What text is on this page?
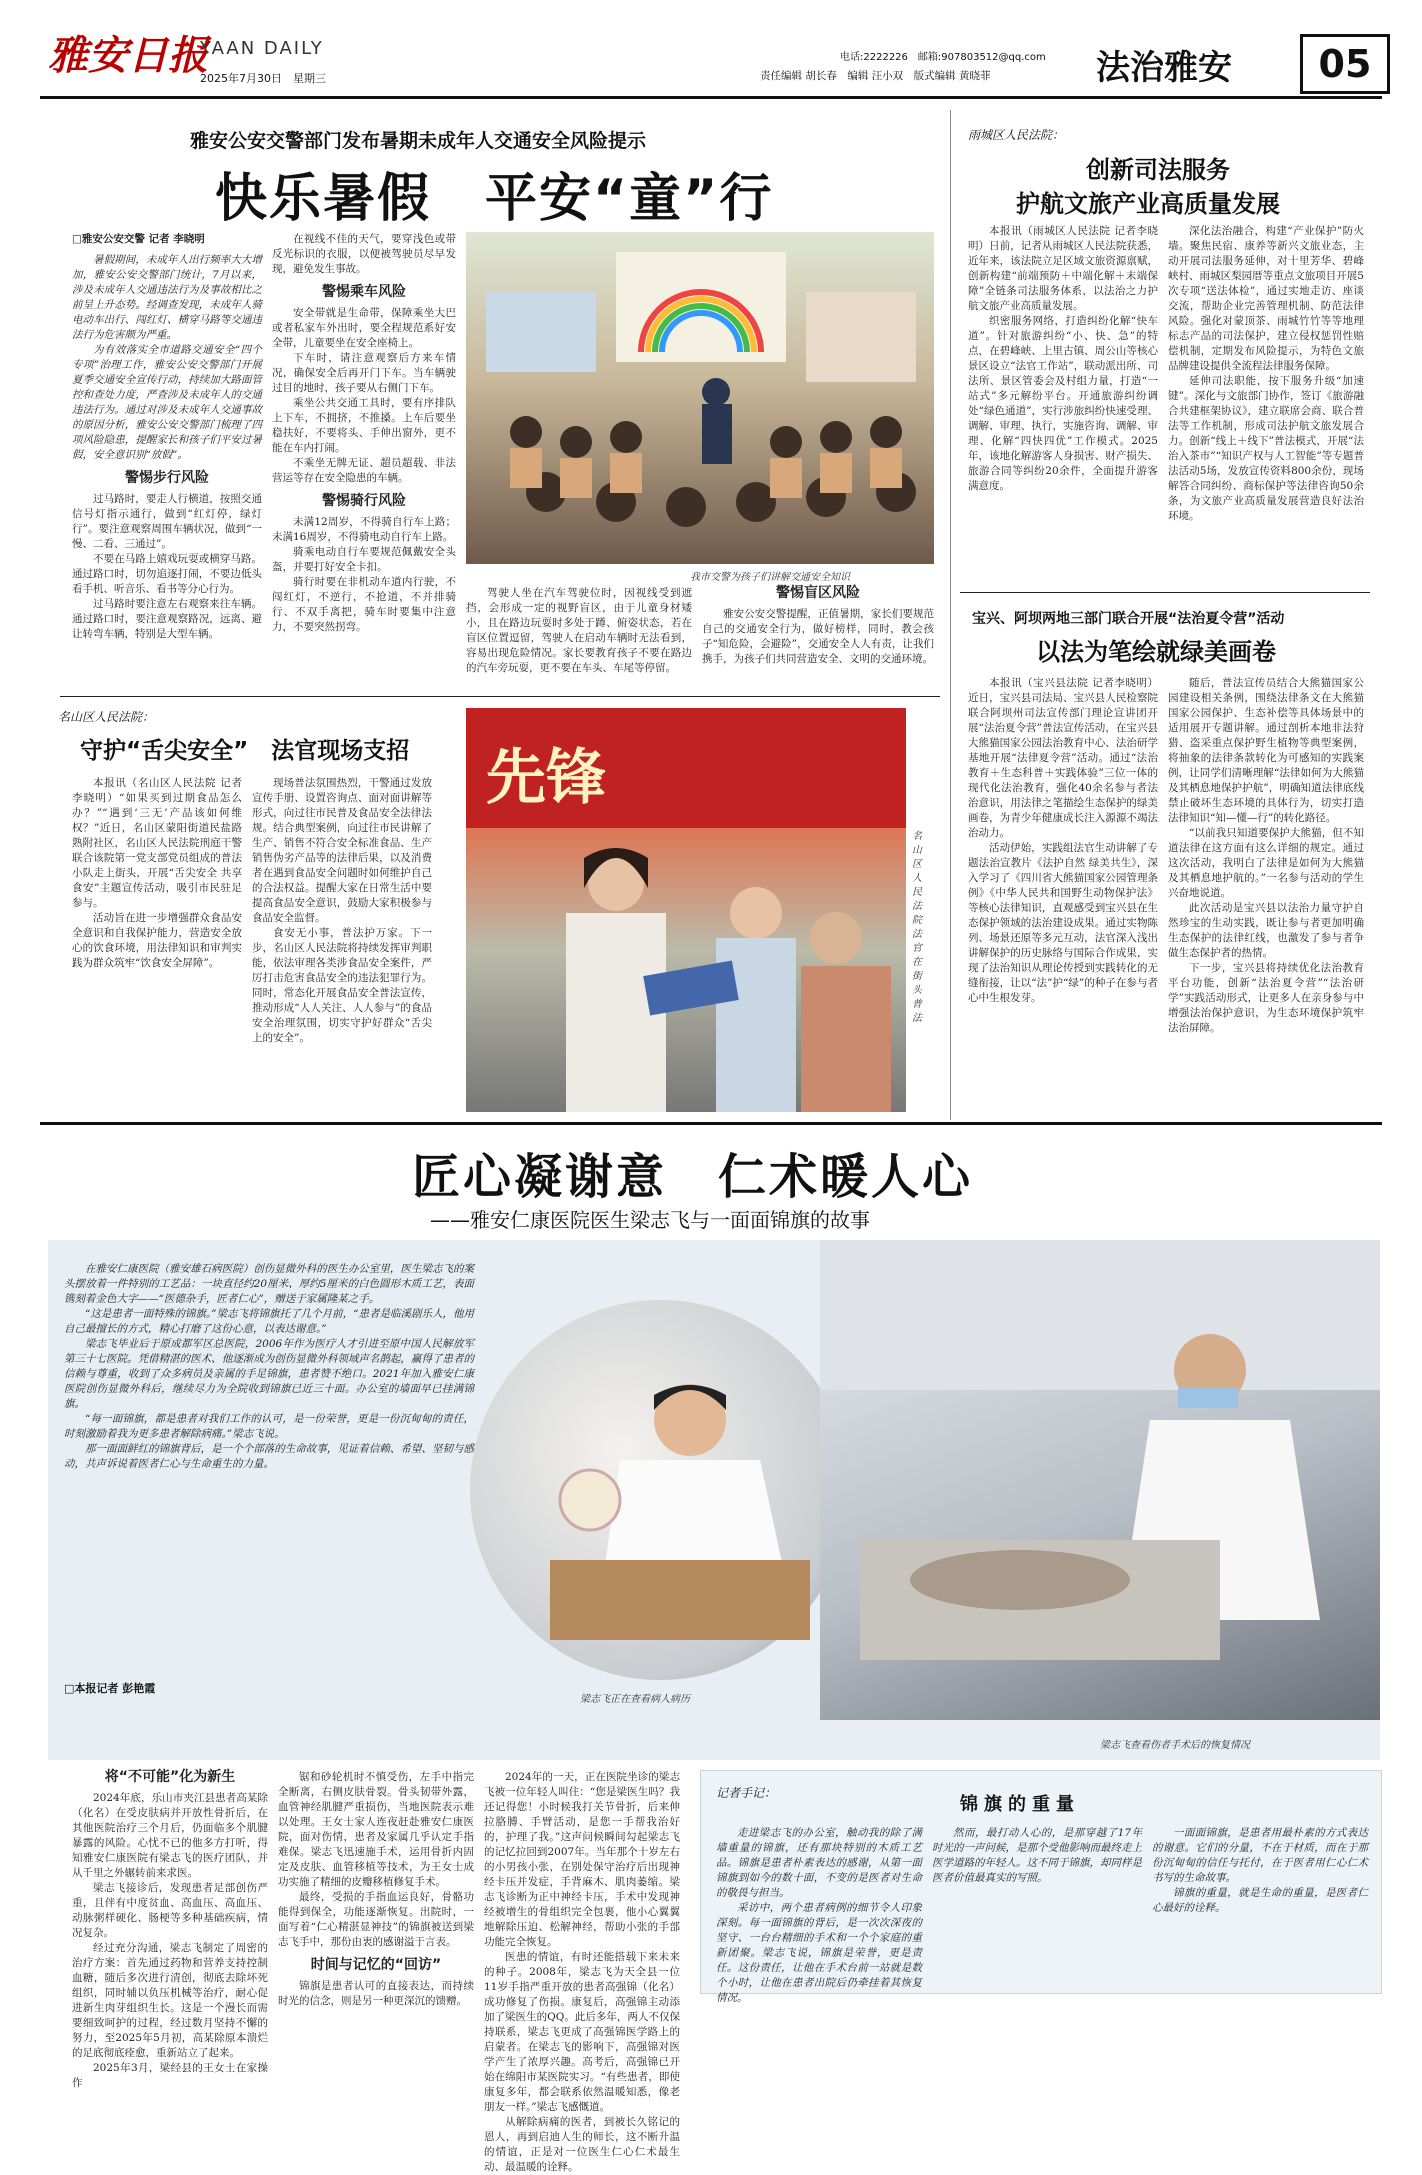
雅安日报
YAAN DAILY
2025年7月30日　星期三
电话:2222226　邮箱:907803512@qq.com
责任编辑 胡长春　编辑 汪小双　版式编辑 黄晓菲	法治雅安	05
雅安公安交警部门发布暑期未成年人交通安全风险提示
快乐暑假　平安“童”行
□雅安公安交警 记者 李晓明

暑假期间，未成年人出行频率大大增加，雅安公安交警部门统计，7月以来，涉及未成年人交通违法行为及事故相比之前呈上升态势。经调查发现，未成年人骑电动车出行、闯红灯、横穿马路等交通违法行为危害颇为严重。

为有效落实全市道路交通安全“四个专项”治理工作，雅安公安交警部门开展夏季交通安全宣传行动，持续加大路面管控和查处力度，严查涉及未成年人的交通违法行为。通过对涉及未成年人交通事故的原因分析，雅安公安交警部门梳理了四项风险隐患，提醒家长和孩子们平安过暑假，安全意识别“放假”。

警惕步行风险

过马路时，要走人行横道，按照交通信号灯指示通行，做到“红灯停，绿灯行”。要注意观察周围车辆状况，做到“一慢、二看、三通过”。

不要在马路上嬉戏玩耍或横穿马路。通过路口时，切勿追逐打闹，不要边低头看手机、听音乐、看书等分心行为。

过马路时要注意左右观察来往车辆。通过路口时，要注意观察路况，远离、避让转弯车辆，特别是大型车辆。

在视线不佳的天气，要穿浅色或带反光标识的衣服，以便被驾驶员尽早发现，避免发生事故。

警惕乘车风险

安全带就是生命带，保障乘坐大巴或者私家车外出时，要全程规范系好安全带，儿童要坐在安全座椅上。

下车时，请注意观察后方来车情况，确保安全后再开门下车。当车辆驶过目的地时，孩子要从右侧门下车。

乘坐公共交通工具时，要有序排队上下车，不拥挤，不推搡。上车后要坐稳扶好，不要将头、手伸出窗外，更不能在车内打闹。

不乘坐无牌无证、超员超载、非法营运等存在安全隐患的车辆。

警惕骑行风险

未满12周岁，不得骑自行车上路；未满16周岁，不得骑电动自行车上路。

骑乘电动自行车要规范佩戴安全头盔，并要打好安全卡扣。

骑行时要在非机动车道内行驶，不闯红灯，不逆行，不抢道，不并排骑行、不双手离把，骑车时要集中注意力，不要突然拐弯。

我市交警为孩子们讲解交通安全知识

驾驶人坐在汽车驾驶位时，因视线受到遮挡，会形成一定的视野盲区，由于儿童身材矮小，且在路边玩耍时多处于蹲、俯姿状态，若在盲区位置逗留，驾驶人在启动车辆时无法看到，容易出现危险情况。家长要教育孩子不要在路边的汽车旁玩耍，更不要在车头、车尾等停留。

警惕盲区风险

雅安公安交警提醒，正值暑期，家长们要规范自己的交通安全行为，做好榜样，同时，教会孩子“知危险，会避险”，交通安全人人有责，让我们携手，为孩子们共同营造安全、文明的交通环境。

雨城区人民法院：
创新司法服务
护航文旅产业高质量发展

本报讯（雨城区人民法院 记者李晓明）日前，记者从雨城区人民法院获悉，近年来，该法院立足区域文旅资源禀赋，创新构建“前端预防＋中端化解＋末端保障”全链条司法服务体系，以法治之力护航文旅产业高质量发展。

织密服务网络，打造纠纷化解“快车道”。针对旅游纠纷“小、快、急”的特点，在碧峰峡、上里古镇、周公山等核心景区设立“法官工作站”，联动派出所、司法所、景区管委会及村组力量，打造“一站式”多元解纷平台。开通旅游纠纷调处“绿色通道”，实行涉旅纠纷快速受理、调解、审理、执行，实施咨询、调解、审理、化解“四快四优”工作模式。2025年，该地化解游客人身损害、财产损失、旅游合同等纠纷20余件，全面提升游客满意度。

深化法治融合，构建“产业保护”防火墙。聚焦民宿、康养等新兴文旅业态，主动开展司法服务延伸，对十里芳华、碧峰峡村、雨城区梨园厝等重点文旅项目开展5次专项“送法体检”，通过实地走访、座谈交流，帮助企业完善管理机制、防范法律风险。强化对蒙顶茶、雨城竹竹等等地理标志产品的司法保护，建立侵权惩罚性赔偿机制，定期发布风险提示，为特色文旅品牌建设提供全流程法律服务保障。

延伸司法职能，按下服务升级“加速键”。深化与文旅部门协作，签订《旅游融合共建框架协议》，建立联席会商、联合普法等工作机制，形成司法护航文旅发展合力。创新“线上＋线下”普法模式，开展“法治入茶市”“知识产权与人工智能”等专题普法活动5场，发放宣传资料800余份，现场解答合同纠纷、商标保护等法律咨询50余条，为文旅产业高质量发展营造良好法治环境。

宝兴、阿坝两地三部门联合开展“法治夏令营”活动
以法为笔绘就绿美画卷

本报讯（宝兴县法院 记者李晓明）近日，宝兴县司法局、宝兴县人民检察院联合阿坝州司法宣传部门理论宣讲团开展“法治夏令营”普法宣传活动，在宝兴县大熊猫国家公园法治教育中心、法治研学基地开展“法律夏令营”活动。通过“法治教育＋生态科普＋实践体验”三位一体的现代化法治教育，强化40余名参与者法治意识，用法律之笔描绘生态保护的绿美画卷，为青少年健康成长注入源源不竭法治动力。

活动伊始，实践组法官生动讲解了专题法治宣教片《法护自然 绿美共生》，深入学习了《四川省大熊猫国家公园管理条例》《中华人民共和国野生动物保护法》等核心法律知识，直观感受到宝兴县在生态保护领域的法治建设成果。通过实物陈列、场景还原等多元互动，法官深入浅出讲解保护的历史脉络与国际合作成果，实现了法治知识从理论传授到实践转化的无缝衔接，让以“法”护“绿”的种子在参与者心中生根发芽。

随后，普法宣传员结合大熊猫国家公园建设相关条例，围绕法律条文在大熊猫国家公园保护、生态补偿等具体场景中的适用展开专题讲解。通过剖析本地非法狩猎、盗采重点保护野生植物等典型案例，将抽象的法律条款转化为可感知的实践案例，让同学们清晰理解“法律如何为大熊猫及其栖息地保护护航”，明确知道法律底线禁止破坏生态环境的具体行为，切实打造法律知识“知—懂—行”的转化路径。

“以前我只知道要保护大熊猫，但不知道法律在这方面有这么详细的规定。通过这次活动，我明白了法律是如何为大熊猫及其栖息地护航的。”一名参与活动的学生兴奋地说道。

此次活动是宝兴县以法治力量守护自然珍宝的生动实践，既让参与者更加明确生态保护的法律红线，也激发了参与者争做生态保护者的热情。

下一步，宝兴县将持续优化法治教育平台功能，创新“法治夏令营”“法治研学”实践活动形式，让更多人在亲身参与中增强法治保护意识，为生态环境保护筑牢法治屏障。

名山区人民法院：
守护“舌尖安全”　法官现场支招

本报讯（名山区人民法院 记者李晓明）“如果买到过期食品怎么办？”“遇到‘三无’产品该如何维权？”近日，名山区蒙阳街道民盐路熟附社区，名山区人民法院刑庭干警联合该院第一党支部党员组成的普法小队走上街头，开展“舌尖安全 共享食安”主题宣传活动，吸引市民驻足参与。

活动旨在进一步增强群众食品安全意识和自我保护能力，营造安全放心的饮食环境，用法律知识和审判实践为群众筑牢“饮食安全屏障”。

现场普法氛围热烈，干警通过发放宣传手册、设置咨询点、面对面讲解等形式，向过往市民普及食品安全法律法规。结合典型案例，向过往市民讲解了生产、销售不符合安全标准食品、生产销售伪劣产品等的法律后果，以及消费者在遇到食品安全问题时如何维护自己的合法权益。提醒大家在日常生活中要提高食品安全意识，鼓励大家积极参与食品安全监督。

食安无小事，普法护万家。下一步，名山区人民法院将持续发挥审判职能，依法审理各类涉食品安全案件，严厉打击危害食品安全的违法犯罪行为。同时，常态化开展食品安全普法宣传，推动形成“人人关注、人人参与”的食品安全治理氛围，切实守护好群众“舌尖上的安全”。

先锋
名山区人民法院法官在街头普法
匠心凝谢意　仁术暖人心
——雅安仁康医院医生梁志飞与一面面锦旗的故事

在雅安仁康医院（雅安雄石病医院）创伤显微外科的医生办公室里，医生梁志飞的案头摆放着一件特别的工艺品：一块直径约20厘米、厚约5厘米的白色圆形木质工艺，表面镌刻着金色大字——“医德杂手，匠者仁心”，赠送于家属隆某之手。

“这是患者一面特殊的锦旗。”梁志飞将锦旗托了几个月前，“患者是临溪剧乐人，他用自己最擅长的方式，精心打磨了这份心意，以表达谢意。”

梁志飞毕业后于原成都军区总医院，2006年作为医疗人才引进至原中国人民解放军第三十七医院。凭借精湛的医术、他逐渐成为创伤显微外科领域声名鹊起，赢得了患者的信赖与尊重，收到了众多病员及亲属的手足锦旗，患者赞不绝口。2021年加入雅安仁康医院创伤显微外科后，继续尽力为全院收到锦旗已近三十面。办公室的墙面早已挂满锦旗。

“每一面锦旗，都是患者对我们工作的认可，是一份荣誉，更是一份沉甸甸的责任，时刻激励着我为更多患者解除病痛。”梁志飞说。

那一面面鲜红的锦旗背后，是一个个部落的生命故事，见证着信赖、希望、坚韧与感动，共声诉说着医者仁心与生命重生的力量。

□本报记者 彭艳霞
梁志飞正在查看病人病历
梁志飞查看伤者手术后的恢复情况
将“不可能”化为新生

2024年底，乐山市夹江县患者高某除（化名）在受皮肤病并开放性骨折后，在其他医院治疗三个月后，仍面临多个肌腱暴露的风险。心忧不已的他多方打听，得知雅安仁康医院有梁志飞的医疗团队，并从千里之外辗转前来求医。

梁志飞接诊后，发现患者足部创伤严重，且伴有中度贫血、高血压、高血压、动脉粥样硬化、肠梗等多种基础疾病，情况复杂。

经过充分沟通，梁志飞制定了周密的治疗方案：首先通过药物和营养支持控制血糖，随后多次进行清创，彻底去除坏死组织，同时辅以负压机械等治疗，耐心促进新生肉芽组织生长。这是一个漫长而需要细致呵护的过程，经过数月坚持不懈的努力，至2025年5月初，高某除原本溃烂的足底彻底痊愈，重新站立了起来。

2025年3月，梁经县的王女士在家操作

锯和砂轮机时不慎受伤，左手中指完全断离，右侧皮肤骨裂。骨头韧带外露，血管神经肌腱严重损伤，当地医院表示难以处理。王女士家人连夜赶赴雅安仁康医院，面对伤情，患者及家属几乎认定手指难保。梁志飞迅速施手术，运用骨折内固定及皮肤、血管移植等技术，为王女士成功实施了精细的皮瓣移植修复手术。

最终，受损的手指血运良好，骨骼功能得到保全，功能逐渐恢复。出院时，一面写着“仁心精湛显神技”的锦旗被送到梁志飞手中，那份由衷的感谢溢于言表。

时间与记忆的“回访”

锦旗是患者认可的直接表达，而持续时光的信念，则是另一种更深沉的馈赠。

2024年的一天，正在医院坐诊的梁志飞被一位年轻人叫住：“您是梁医生吗？我还记得您！小时候我打关节骨折，后来伸拉胳膊、手臂活动，是您一手帮我治好的，护理了我。”这声问候瞬间勾起梁志飞的记忆拉回到2007年。当年那个十岁左右的小男孩小张，在别处保守治疗后出现神经卡压并发症，手背麻木、肌肉萎缩。梁志飞诊断为正中神经卡压，手术中发现神经被增生的骨组织完全包裹，他小心翼翼地解除压迫、松解神经，帮助小张的手部功能完全恢复。

医患的情谊，有时还能搭载下来未来的种子。2008年，梁志飞为天全县一位11岁手指严重开放的患者高强锦（化名）成功修复了伤损。康复后，高强锦主动添加了梁医生的QQ。此后多年，两人不仅保持联系，梁志飞更成了高强锦医学路上的启蒙者。在梁志飞的影响下，高强锦对医学产生了浓厚兴趣。高考后，高强锦已开始在绵阳市某医院实习。“有些患者，即使康复多年，都会联系依然温暖知悉，像老朋友一样。”梁志飞感慨道。

从解除病痛的医者，到被长久铭记的恩人，再到启迪人生的师长，这不断升温的情谊，正是对一位医生仁心仁术最生动、最温暖的诠释。

记者手记：
锦旗的重量

走进梁志飞的办公室，触动我的除了满墙重量的锦旗，还有那块特别的木质工艺品。锦旗是患者朴素表达的感谢，从第一面锦旗到如今的数十面，不变的是医者对生命的敬畏与担当。

采访中，两个患者病例的细节令人印象深刻。每一面锦旗的背后，是一次次深夜的坚守、一台台精细的手术和一个个家庭的重新团聚。梁志飞说，锦旗是荣誉，更是责任。这份责任，让他在手术台前一站就是数个小时，让他在患者出院后仍牵挂着其恢复情况。

然而，最打动人心的，是那穿越了17年时光的一声问候，是那个受他影响而最终走上医学道路的年轻人。这不同于锦旗，却同样是医者价值最真实的写照。

一面面锦旗，是患者用最朴素的方式表达的谢意。它们的分量，不在于材质，而在于那份沉甸甸的信任与托付，在于医者用仁心仁术书写的生命故事。

锦旗的重量，就是生命的重量，是医者仁心最好的诠释。
